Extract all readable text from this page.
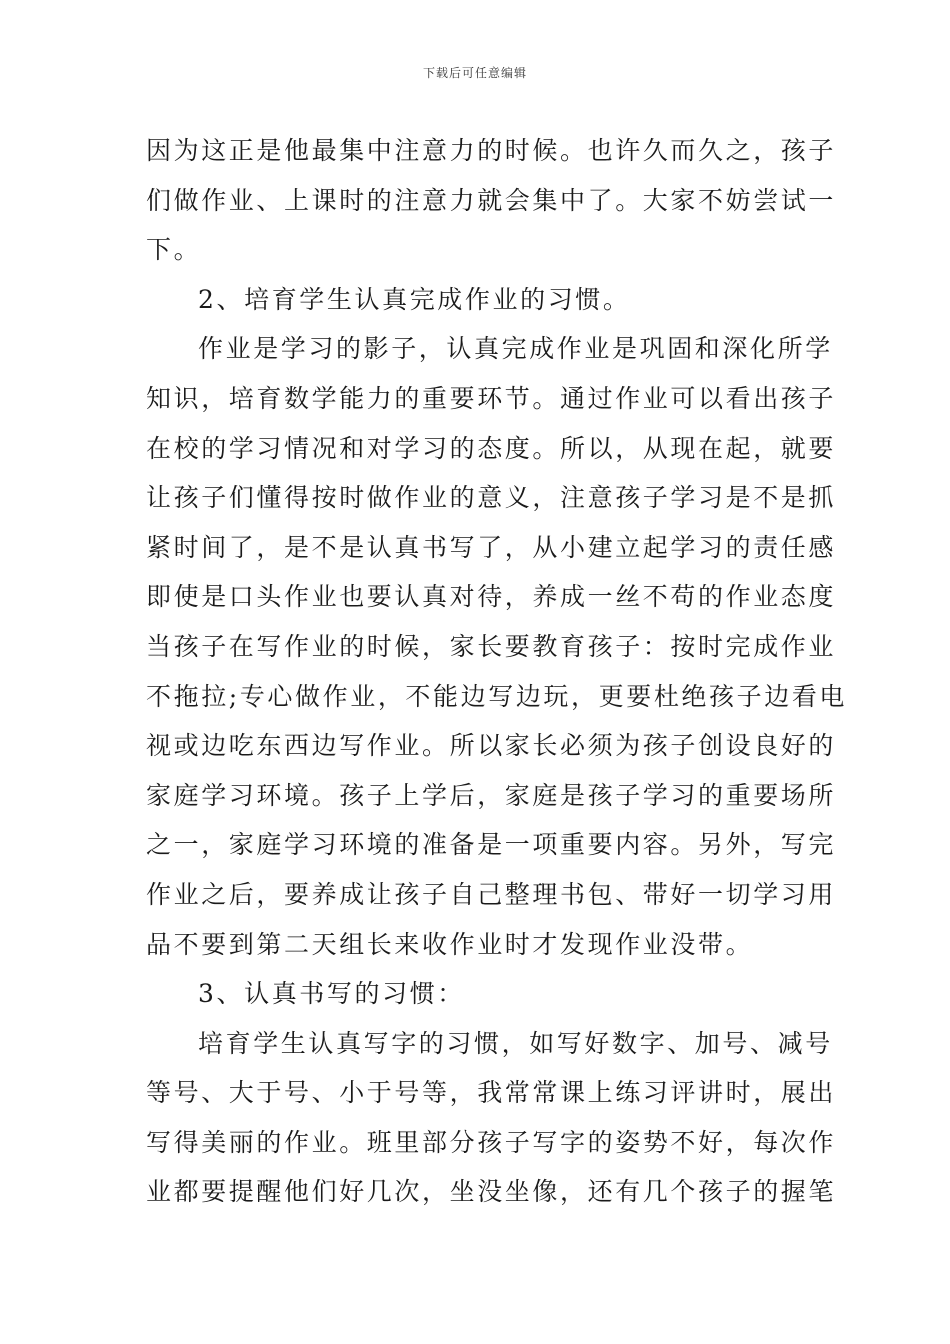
下载后可任意编辑
因为这正是他最集中注意力的时候。也许久而久之，孩子
们做作业、上课时的注意力就会集中了。大家不妨尝试一
下。
2、培育学生认真完成作业的习惯。
作业是学习的影子，认真完成作业是巩固和深化所学
知识，培育数学能力的重要环节。通过作业可以看出孩子
在校的学习情况和对学习的态度。所以，从现在起，就要
让孩子们懂得按时做作业的意义，注意孩子学习是不是抓
紧时间了，是不是认真书写了，从小建立起学习的责任感
即使是口头作业也要认真对待，养成一丝不苟的作业态度
当孩子在写作业的时候，家长要教育孩子：按时完成作业
不拖拉;专心做作业，不能边写边玩，更要杜绝孩子边看电
视或边吃东西边写作业。所以家长必须为孩子创设良好的
家庭学习环境。孩子上学后，家庭是孩子学习的重要场所
之一，家庭学习环境的准备是一项重要内容。另外，写完
作业之后，要养成让孩子自己整理书包、带好一切学习用
品不要到第二天组长来收作业时才发现作业没带。
3、认真书写的习惯：
培育学生认真写字的习惯，如写好数字、加号、减号
等号、大于号、小于号等，我常常课上练习评讲时，展出
写得美丽的作业。班里部分孩子写字的姿势不好，每次作
业都要提醒他们好几次，坐没坐像，还有几个孩子的握笔
